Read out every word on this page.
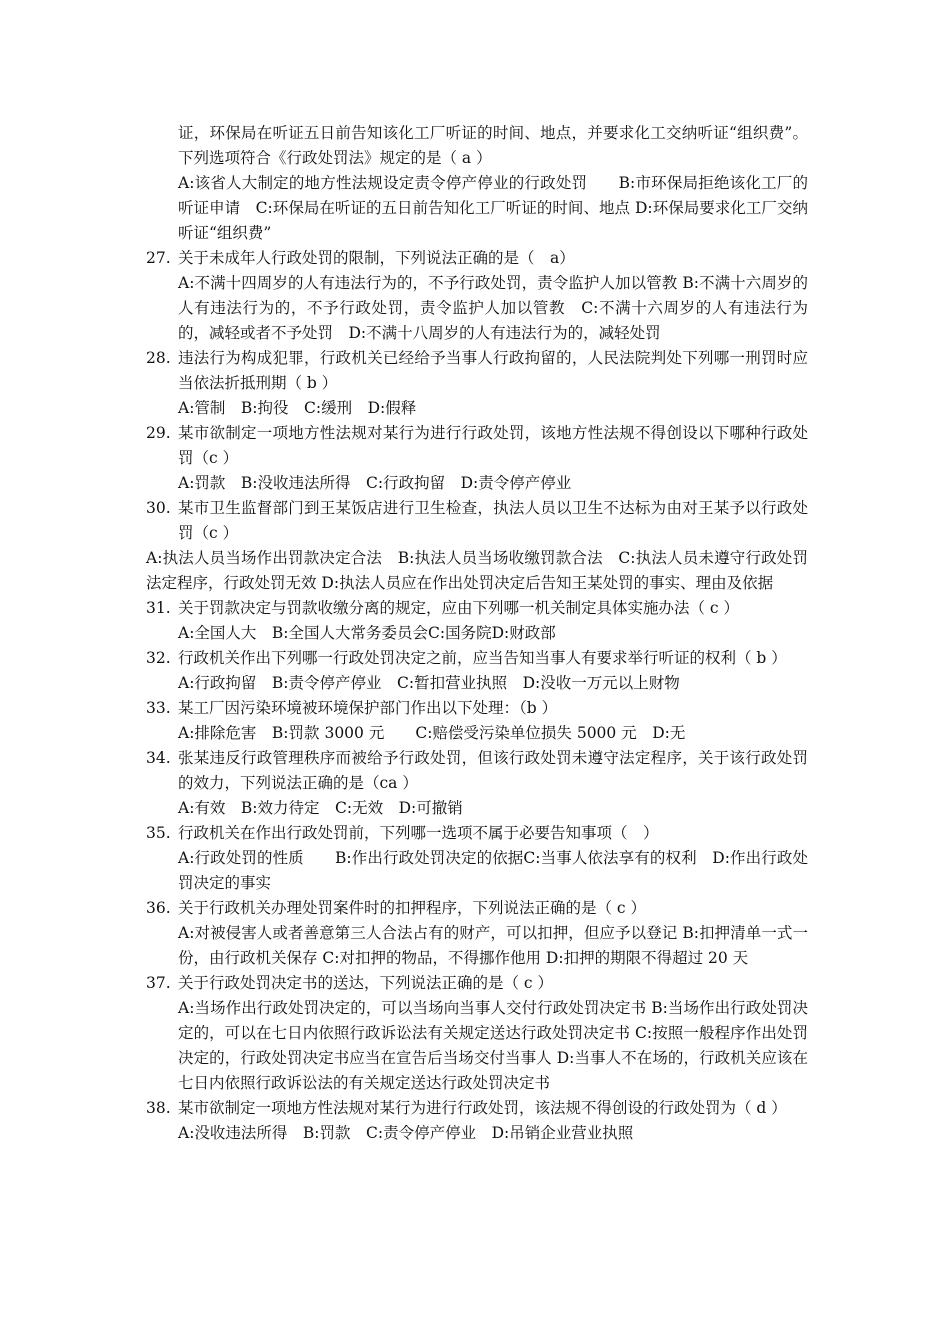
证，环保局在听证五日前告知该化工厂听证的时间、地点，并要求化工交纳听证“组织费”。下列选项符合《行政处罚法》规定的是（ a ）
A:该省人大制定的地方性法规设定责令停产停业的行政处罚　　B:市环保局拒绝该化工厂的听证申请　C:环保局在听证的五日前告知化工厂听证的时间、地点 D:环保局要求化工厂交纳听证“组织费”
27. 关于未成年人行政处罚的限制，下列说法正确的是（　a）
A:不满十四周岁的人有违法行为的，不予行政处罚，责令监护人加以管教 B:不满十六周岁的人有违法行为的，不予行政处罚，责令监护人加以管教　C:不满十六周岁的人有违法行为的，减轻或者不予处罚　D:不满十八周岁的人有违法行为的，减轻处罚
28. 违法行为构成犯罪，行政机关已经给予当事人行政拘留的，人民法院判处下列哪一刑罚时应当依法折抵刑期（ b ）
A:管制　B:拘役　C:缓刑　D:假释
29. 某市欲制定一项地方性法规对某行为进行行政处罚，该地方性法规不得创设以下哪种行政处罚（c ）
A:罚款　B:没收违法所得　C:行政拘留　D:责令停产停业
30. 某市卫生监督部门到王某饭店进行卫生检查，执法人员以卫生不达标为由对王某予以行政处罚（c ）
A:执法人员当场作出罚款决定合法　B:执法人员当场收缴罚款合法　C:执法人员未遵守行政处罚法定程序，行政处罚无效 D:执法人员应在作出处罚决定后告知王某处罚的事实、理由及依据
31. 关于罚款决定与罚款收缴分离的规定，应由下列哪一机关制定具体实施办法（ c ）
A:全国人大　B:全国人大常务委员会C:国务院D:财政部
32. 行政机关作出下列哪一行政处罚决定之前，应当告知当事人有要求举行听证的权利（ b ）
A:行政拘留　B:责令停产停业　C:暂扣营业执照　D:没收一万元以上财物
33. 某工厂因污染环境被环境保护部门作出以下处理：（b ）
A:排除危害　B:罚款 3000 元　　C:赔偿受污染单位损失 5000 元　D:无
34. 张某违反行政管理秩序而被给予行政处罚，但该行政处罚未遵守法定程序，关于该行政处罚的效力，下列说法正确的是（ca ）
A:有效　B:效力待定　C:无效　D:可撤销
35. 行政机关在作出行政处罚前，下列哪一选项不属于必要告知事项（　）
A:行政处罚的性质　　B:作出行政处罚决定的依据C:当事人依法享有的权利　D:作出行政处罚决定的事实
36. 关于行政机关办理处罚案件时的扣押程序，下列说法正确的是（ c ）
A:对被侵害人或者善意第三人合法占有的财产，可以扣押，但应予以登记 B:扣押清单一式一份，由行政机关保存 C:对扣押的物品，不得挪作他用 D:扣押的期限不得超过 20 天
37. 关于行政处罚决定书的送达，下列说法正确的是（ c ）
A:当场作出行政处罚决定的，可以当场向当事人交付行政处罚决定书 B:当场作出行政处罚决定的，可以在七日内依照行政诉讼法有关规定送达行政处罚决定书 C:按照一般程序作出处罚决定的，行政处罚决定书应当在宣告后当场交付当事人 D:当事人不在场的，行政机关应该在七日内依照行政诉讼法的有关规定送达行政处罚决定书
38. 某市欲制定一项地方性法规对某行为进行行政处罚，该法规不得创设的行政处罚为（ d ）
A:没收违法所得　B:罚款　C:责令停产停业　D:吊销企业营业执照
